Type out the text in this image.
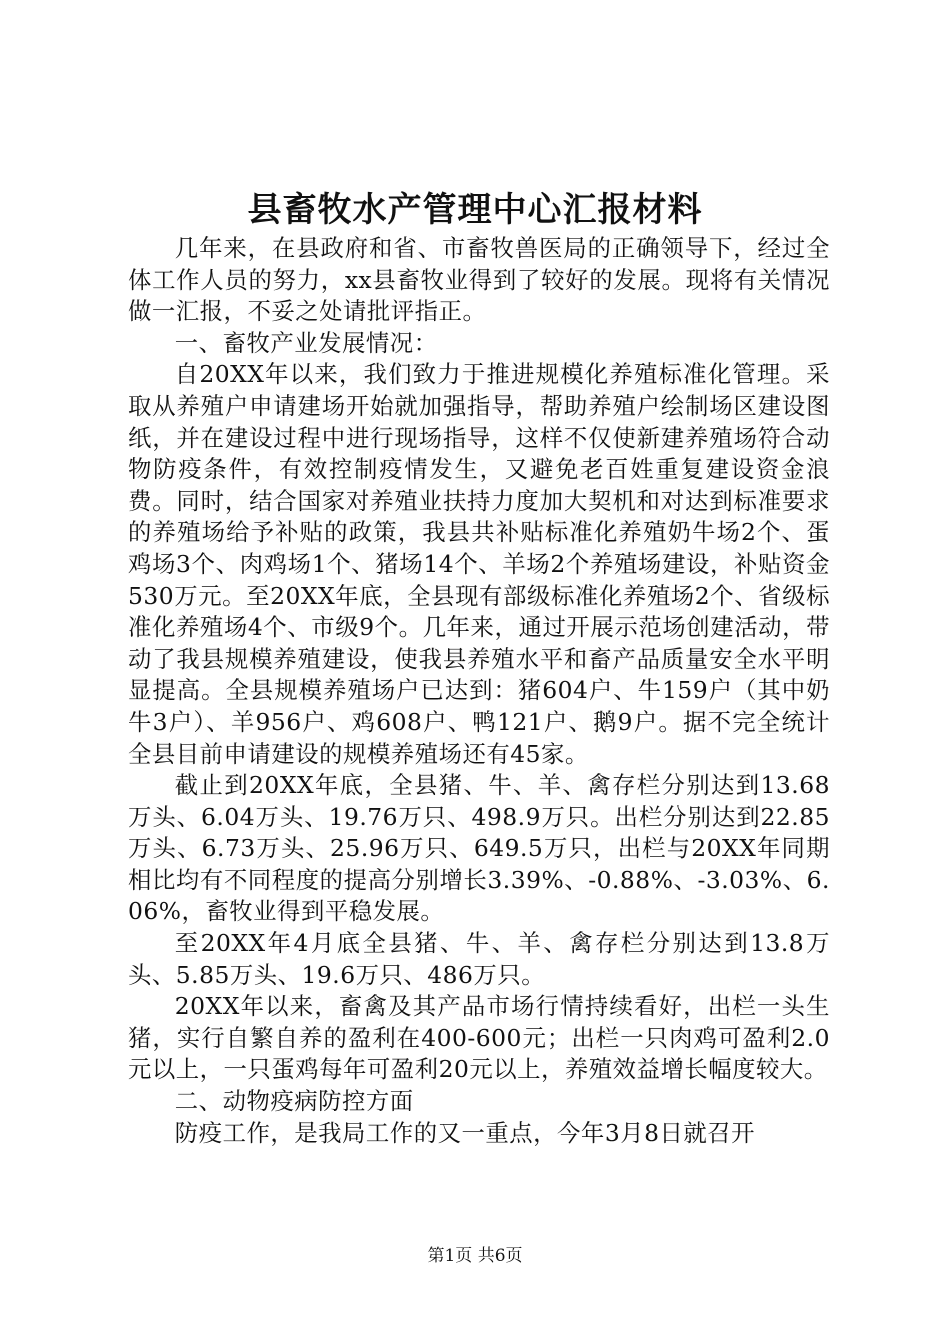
县畜牧水产管理中心汇报材料

几年来，在县政府和省、市畜牧兽医局的正确领导下，经过全体工作人员的努力，xx县畜牧业得到了较好的发展。现将有关情况做一汇报，不妥之处请批评指正。

一、畜牧产业发展情况：

自20XX年以来，我们致力于推进规模化养殖标准化管理。采取从养殖户申请建场开始就加强指导，帮助养殖户绘制场区建设图纸，并在建设过程中进行现场指导，这样不仅使新建养殖场符合动物防疫条件，有效控制疫情发生，又避免老百姓重复建设资金浪费。同时，结合国家对养殖业扶持力度加大契机和对达到标准要求的养殖场给予补贴的政策，我县共补贴标准化养殖奶牛场2个、蛋鸡场3个、肉鸡场1个、猪场14个、羊场2个养殖场建设，补贴资金530万元。至20XX年底，全县现有部级标准化养殖场2个、省级标准化养殖场4个、市级9个。几年来，通过开展示范场创建活动，带动了我县规模养殖建设，使我县养殖水平和畜产品质量安全水平明显提高。全县规模养殖场户已达到：猪604户、牛159户（其中奶牛3户）、羊956户、鸡608户、鸭121户、鹅9户。据不完全统计全县目前申请建设的规模养殖场还有45家。

截止到20XX年底，全县猪、牛、羊、禽存栏分别达到13.68万头、6.04万头、19.76万只、498.9万只。出栏分别达到22.85万头、6.73万头、25.96万只、649.5万只，出栏与20XX年同期相比均有不同程度的提高分别增长3.39%、-0.88%、-3.03%、6.06%，畜牧业得到平稳发展。

至20XX年4月底全县猪、牛、羊、禽存栏分别达到13.8万头、5.85万头、19.6万只、486万只。

20XX年以来，畜禽及其产品市场行情持续看好，出栏一头生猪，实行自繁自养的盈利在400-600元；出栏一只肉鸡可盈利2.0元以上，一只蛋鸡每年可盈利20元以上，养殖效益增长幅度较大。

二、动物疫病防控方面

防疫工作，是我局工作的又一重点，今年3月8日就召开

第1页 共6页
